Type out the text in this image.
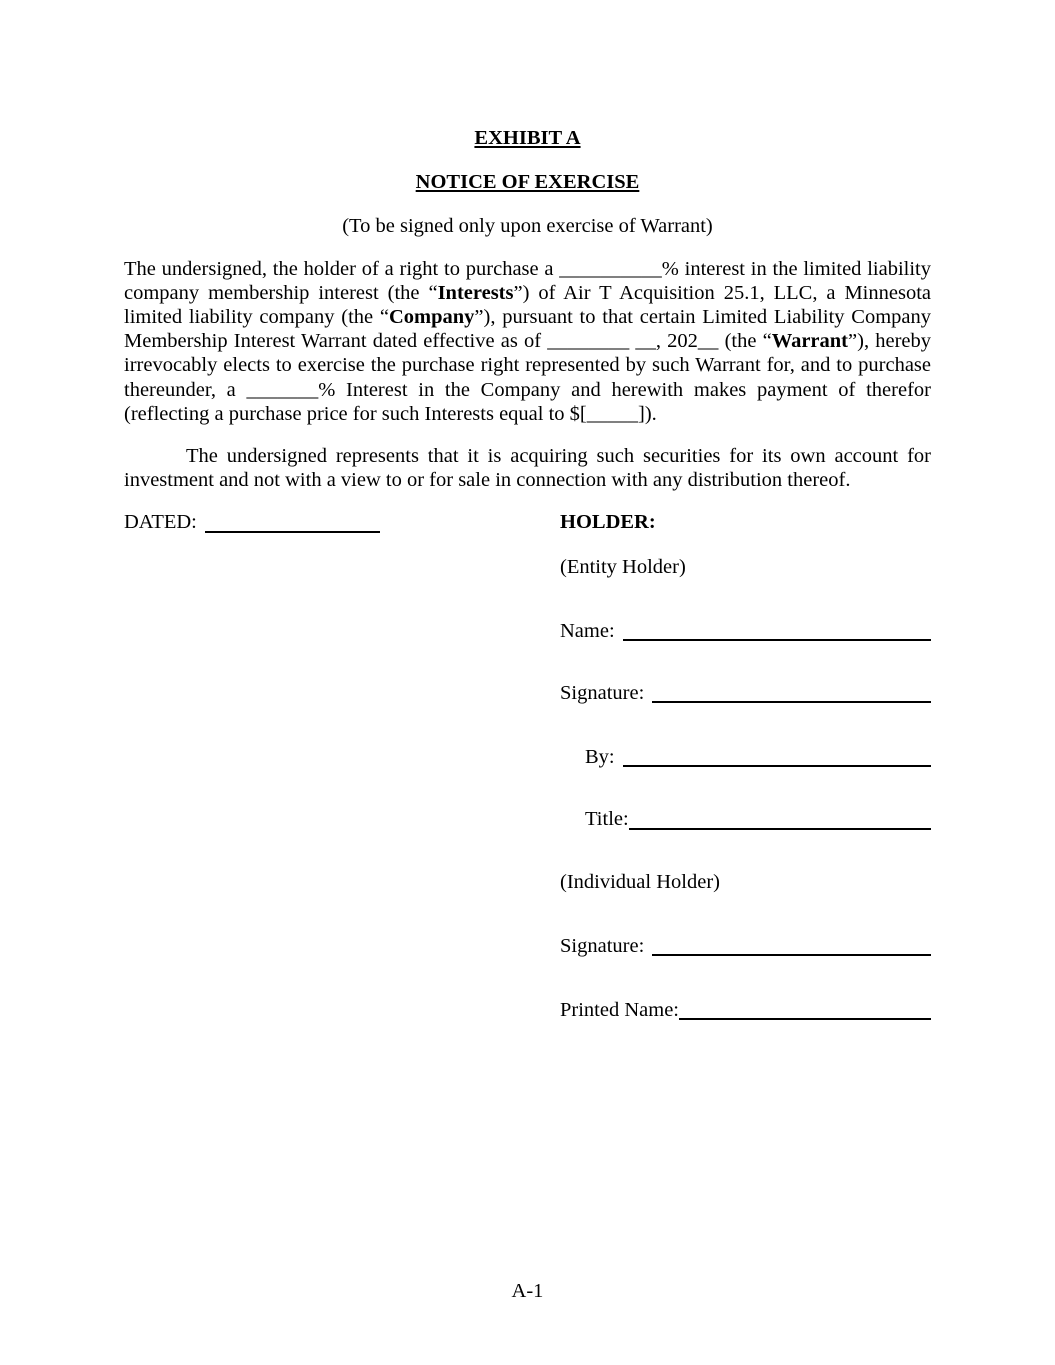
EXHIBIT A
NOTICE OF EXERCISE
(To be signed only upon exercise of Warrant)

The undersigned, the holder of a right to purchase a __________% interest in the limited liability company membership interest (the “Interests”) of Air T Acquisition 25.1, LLC, a Minnesota limited liability company (the “Company”), pursuant to that certain Limited Liability Company Membership Interest Warrant dated effective as of ________ __, 202__ (the “Warrant”), hereby irrevocably elects to exercise the purchase right represented by such Warrant for, and to purchase thereunder, a _______% Interest in the Company and herewith makes payment of therefor (reflecting a purchase price for such Interests equal to $[_____]).

The undersigned represents that it is acquiring such securities for its own account for investment and not with a view to or for sale in connection with any distribution thereof.

DATED:	HOLDER:
(Entity Holder)
Name:
Signature:
By:
Title:
(Individual Holder)
Signature:
Printed Name:
A-1
